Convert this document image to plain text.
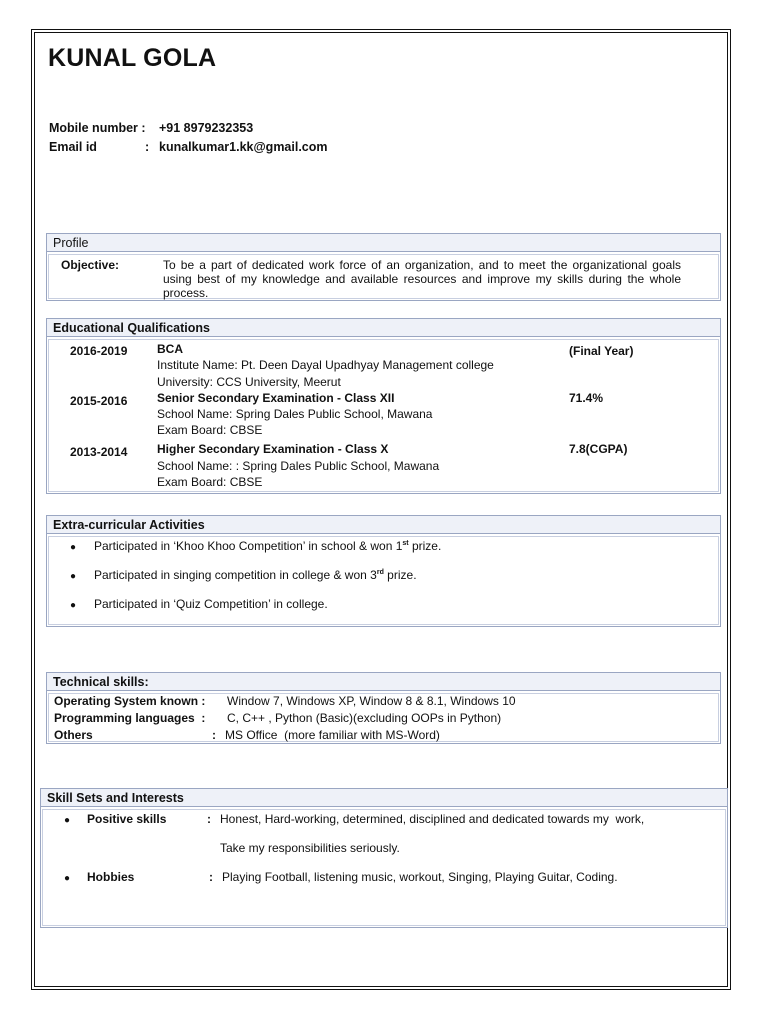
KUNAL GOLA
Mobile number : +91 8979232353
Email id	: kunalkumar1.kk@gmail.com
Profile
Objective:	To be a part of dedicated work force of an organization, and to meet the organizational goals using best of my knowledge and available resources and improve my skills during the whole process.
Educational Qualifications
2016-2019 BCA	(Final Year)
Institute Name: Pt. Deen Dayal Upadhyay Management college
University: CCS University, Meerut
2015-2016 Senior Secondary Examination - Class XII	71.4%
School Name: Spring Dales Public School, Mawana
Exam Board: CBSE
2013-2014 Higher Secondary Examination - Class X	7.8(CGPA)
School Name: : Spring Dales Public School, Mawana
Exam Board: CBSE
Extra-curricular Activities
● Participated in ‘Khoo Khoo Competition’ in school & won 1st prize.
● Participated in singing competition in college & won 3rd prize.
● Participated in ‘Quiz Competition’ in college.
Technical skills:
Operating System known : Window 7, Windows XP, Window 8 & 8.1, Windows 10
Programming languages  : C, C++ , Python (Basic)(excluding OOPs in Python)
Others	: MS Office  (more familiar with MS-Word)
Skill Sets and Interests
● Positive skills	: Honest, Hard-working, determined, disciplined and dedicated towards my  work,
Take my responsibilities seriously.
● Hobbies	: Playing Football, listening music, workout, Singing, Playing Guitar, Coding.
